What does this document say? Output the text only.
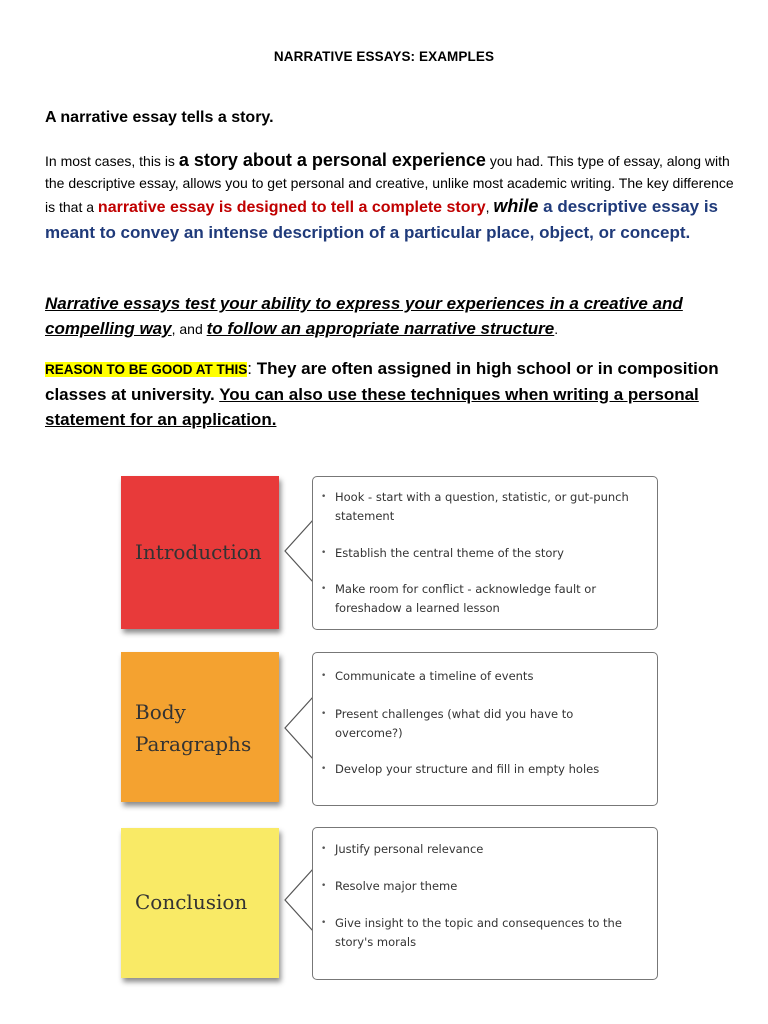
NARRATIVE ESSAYS: EXAMPLES
A narrative essay tells a story.
In most cases, this is a story about a personal experience you had. This type of essay, along with the descriptive essay, allows you to get personal and creative, unlike most academic writing. The key difference is that a narrative essay is designed to tell a complete story, while a descriptive essay is meant to convey an intense description of a particular place, object, or concept.
Narrative essays test your ability to express your experiences in a creative and compelling way, and to follow an appropriate narrative structure.
REASON TO BE GOOD AT THIS: They are often assigned in high school or in composition classes at university. You can also use these techniques when writing a personal statement for an application.
Introduction
• Hook - start with a question, statistic, or gut-punch
statement
• Establish the central theme of the story
• Make room for conflict - acknowledge fault or
foreshadow a learned lesson
Body
Paragraphs
• Communicate a timeline of events
• Present challenges (what did you have to
overcome?)
• Develop your structure and fill in empty holes
Conclusion
• Justify personal relevance
• Resolve major theme
• Give insight to the topic and consequences to the
story's morals
